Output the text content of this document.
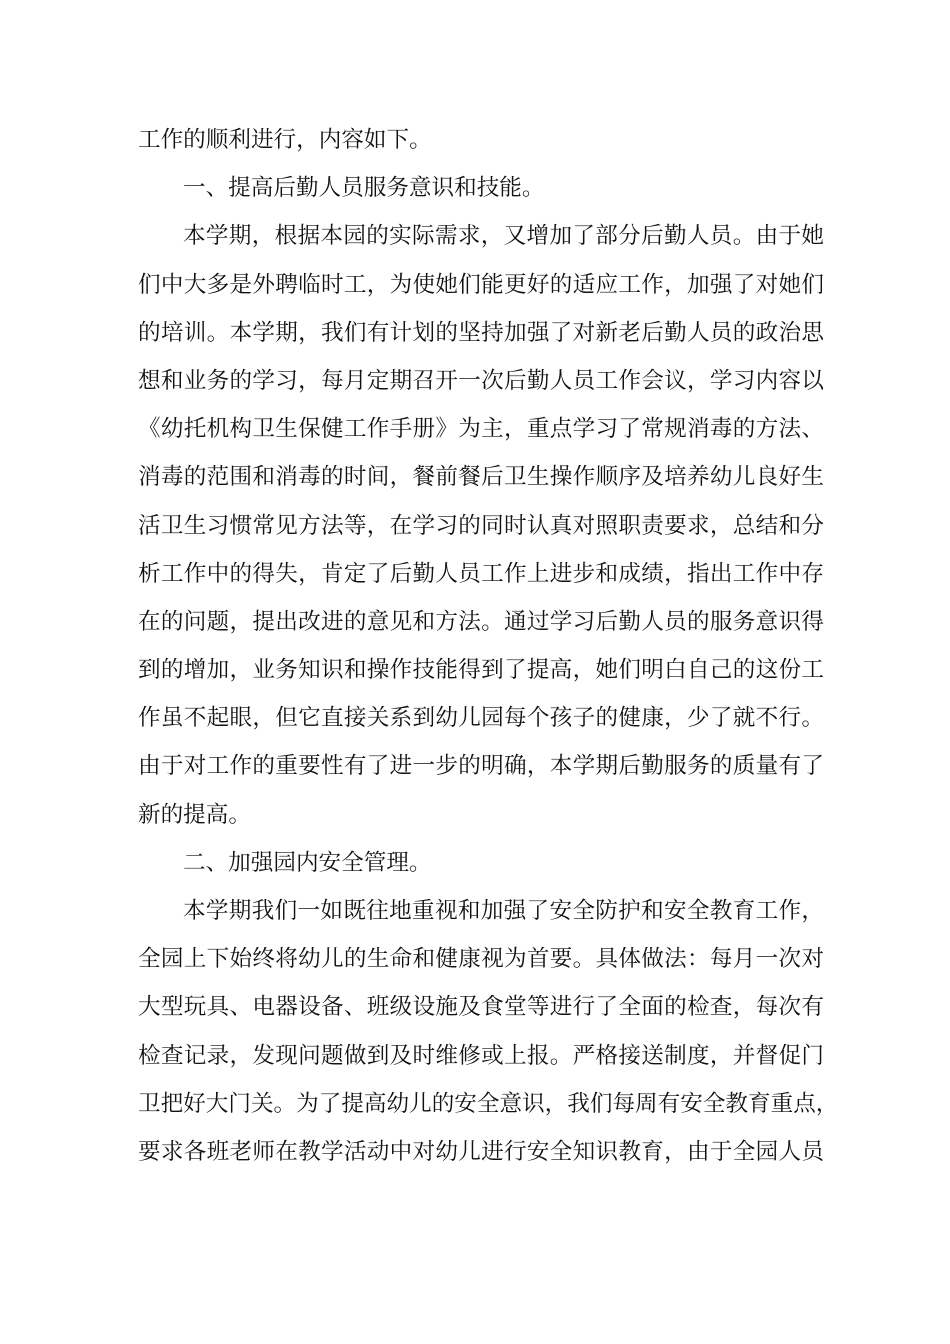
工作的顺利进行，内容如下。
一、提高后勤人员服务意识和技能。
本学期，根据本园的实际需求，又增加了部分后勤人员。由于她
们中大多是外聘临时工，为使她们能更好的适应工作，加强了对她们
的培训。本学期，我们有计划的坚持加强了对新老后勤人员的政治思
想和业务的学习，每月定期召开一次后勤人员工作会议，学习内容以
《幼托机构卫生保健工作手册》为主，重点学习了常规消毒的方法、
消毒的范围和消毒的时间，餐前餐后卫生操作顺序及培养幼儿良好生
活卫生习惯常见方法等，在学习的同时认真对照职责要求，总结和分
析工作中的得失，肯定了后勤人员工作上进步和成绩，指出工作中存
在的问题，提出改进的意见和方法。通过学习后勤人员的服务意识得
到的增加，业务知识和操作技能得到了提高，她们明白自己的这份工
作虽不起眼，但它直接关系到幼儿园每个孩子的健康，少了就不行。
由于对工作的重要性有了进一步的明确，本学期后勤服务的质量有了
新的提高。
二、加强园内安全管理。
本学期我们一如既往地重视和加强了安全防护和安全教育工作，
全园上下始终将幼儿的生命和健康视为首要。具体做法：每月一次对
大型玩具、电器设备、班级设施及食堂等进行了全面的检查，每次有
检查记录，发现问题做到及时维修或上报。严格接送制度，并督促门
卫把好大门关。为了提高幼儿的安全意识，我们每周有安全教育重点，
要求各班老师在教学活动中对幼儿进行安全知识教育，由于全园人员
